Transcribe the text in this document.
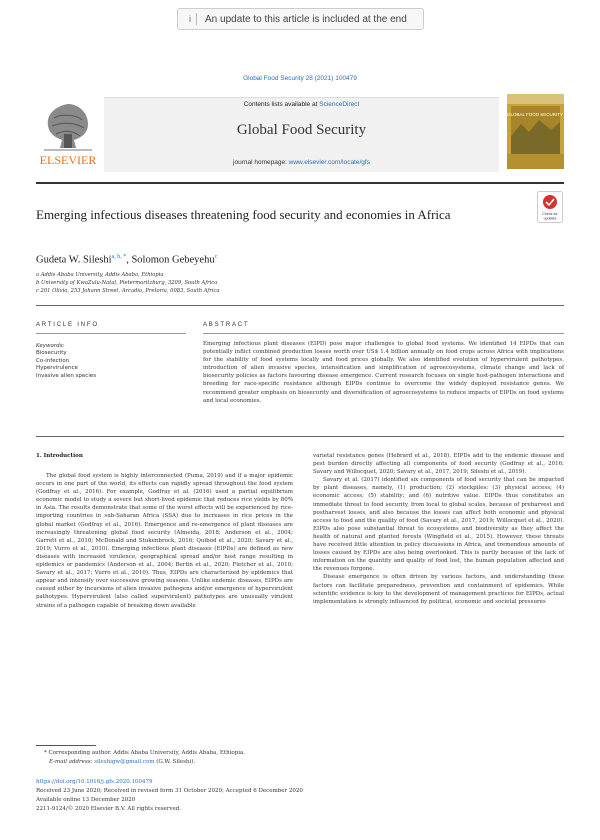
i	An update to this article is included at the end
Global Food Security 28 (2021) 100479
ELSEVIER
Contents lists available at ScienceDirect
Global Food Security
journal homepage: www.elsevier.com/locate/gfs
GLOBAL FOOD SECURITY
Emerging infectious diseases threatening food security and economies in Africa	Check for
updates
Gudeta W. Sileshi$^{a, b, *}$, Solomon Gebeyehu$^c$
a Addis Ababa University, Addis Ababa, Ethiopia
b University of KwaZulu-Natal, Pietermaritzburg, 3209, South Africa
c 201 Olivia, 253 Johann Street, Arcadia, Pretoria, 0083, South Africa
ARTICLE INFO
Keywords:
Biosecurity
Co-infection
Hypervirulence
Invasive alien species
ABSTRACT
Emerging infectious plant diseases (EIPD) pose major challenges to global food systems. We identified 14 EIPDs that can potentially inflict combined production losses worth over US$ 1.4 billion annually on food crops across Africa with implications for the stability of food systems locally and food prices globally. We also identified evolution of hypervirulent pathotypes, introduction of alien invasive species, intensification and simplification of agroecosystems, climate change and lack of biosecurity policies as factors favouring disease emergence. Current research focuses on single host-pathogen interactions and breeding for race-specific resistance although EIPDs continue to overcome the widely deployed resistance genes. We recommend greater emphasis on biosecurity and diversification of agroecosystems to reduce impacts of EIPDs on food systems and local economies.
1. Introduction

The global food system is highly interconnected (Puma, 2019) and if a major epidemic occurs in one part of the world, its effects can rapidly spread throughout the food system (Godfray et al., 2016). For example, Godfray et al. (2016) used a partial equilibrium economic model to study a severe but short-lived epidemic that reduces rice yields by 80% in Asia. The results demonstrate that some of the worst effects will be experienced by rice-importing countries in sub-Saharan Africa (SSA) due to increases in rice prices in the global market (Godfray et al., 2016). Emergence and re-emergence of plant diseases are increasingly threatening global food security (Almeida, 2018; Anderson et al., 2004; Garrett et al., 2010; McDonald and Stukenbrock, 2016; Quibod et al., 2020; Savary et al., 2019; Vurro et al., 2010). Emerging infectious plant diseases (EIPDs) are defined as new diseases with increased virulence, geographical spread and/or host range resulting in epidemics or pandemics (Anderson et al., 2004; Bertin et al., 2020; Fletcher et al., 2010; Savary et al., 2017; Vurro et al., 2010). Thus, EIPDs are characterized by epidemics that appear and intensify over successive growing seasons. Unlike endemic diseases, EIPDs are caused either by incursions of alien invasive pathogens and/or emergence of hypervirulent pathotypes. Hypervirulent (also called supervirulent) pathotypes are unusually virulent strains of a pathogen capable of breaking down available

varietal resistance genes (Hebrard et al., 2018). EIPDs add to the endemic disease and pest burden directly affecting all components of food security (Godfray et al., 2016; Savary and Willocquet, 2020; Savary et al., 2017, 2019; Sileshi et al., 2019).

Savary et al. (2017) identified six components of food security that can be impacted by plant diseases, namely, (1) production; (2) stockpiles; (3) physical access; (4) economic access; (5) stability; and (6) nutritive value. EIPDs thus constitutes an immediate threat to food security, from local to global scales, because of preharvest and postharvest losses, and also because the losses can affect both economic and physical access to food and the quality of food (Savary et al., 2017, 2019; Willocquet et al., 2020). EIPDs also pose substantial threat to ecosystems and biodiversity as they affect the health of natural and planted forests (Wingfield et al., 2015). However, these threats have received little attention in policy discussions in Africa, and tremendous amounts of losses caused by EIPDs are also being overlooked. This is partly because of the lack of information on the quantity and quality of food lost, the human population affected and the revenues forgone.

Disease emergence is often driven by various factors, and understanding these factors can facilitate preparedness, prevention and containment of epidemics. While scientific evidence is key to the development of management practices for EIPDs, actual implementation is strongly influenced by political, economic and societal pressures

* Corresponding author. Addis Ababa University, Addis Ababa, Ethiopia.
E-mail address: sileshigw@gmail.com (G.W. Sileshi).
https://doi.org/10.1016/j.gfs.2020.100479
Received 23 June 2020; Received in revised form 31 October 2020; Accepted 6 December 2020
Available online 13 December 2020
2211-9124/© 2020 Elsevier B.V. All rights reserved.
